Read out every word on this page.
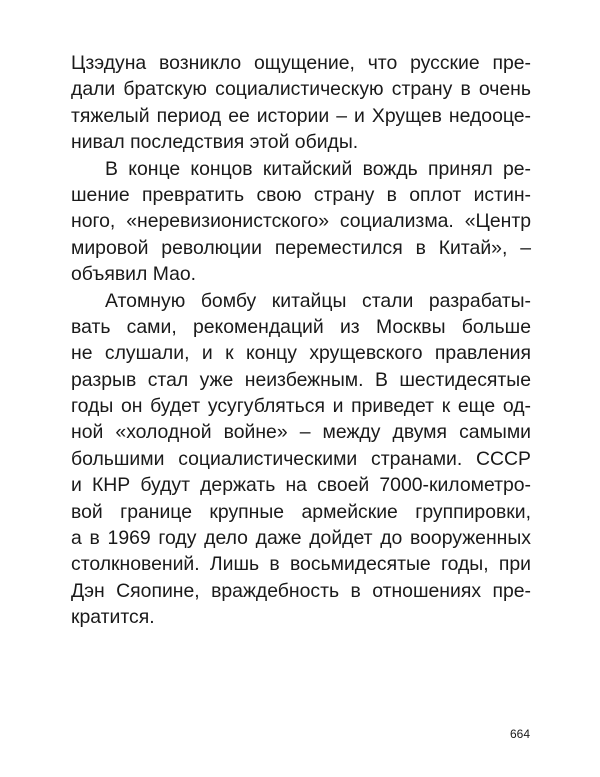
Цзэдуна возникло ощущение, что русские пре-
дали братскую социалистическую страну в очень
тяжелый период ее истории – и Хрущев недооце-
нивал последствия этой обиды.
В конце концов китайский вождь принял ре-
шение превратить свою страну в оплот истин-
ного, «неревизионистского» социализма. «Центр
мировой революции переместился в Китай», –
объявил Мао.
Атомную бомбу китайцы стали разрабаты-
вать сами, рекомендаций из Москвы больше
не слушали, и к концу хрущевского правления
разрыв стал уже неизбежным. В шестидесятые
годы он будет усугубляться и приведет к еще од-
ной «холодной войне» – между двумя самыми
большими социалистическими странами. СССР
и КНР будут держать на своей 7000-километро-
вой границе крупные армейские группировки,
а в 1969 году дело даже дойдет до вооруженных
столкновений. Лишь в восьмидесятые годы, при
Дэн Сяопине, враждебность в отношениях пре-
кратится.
664
